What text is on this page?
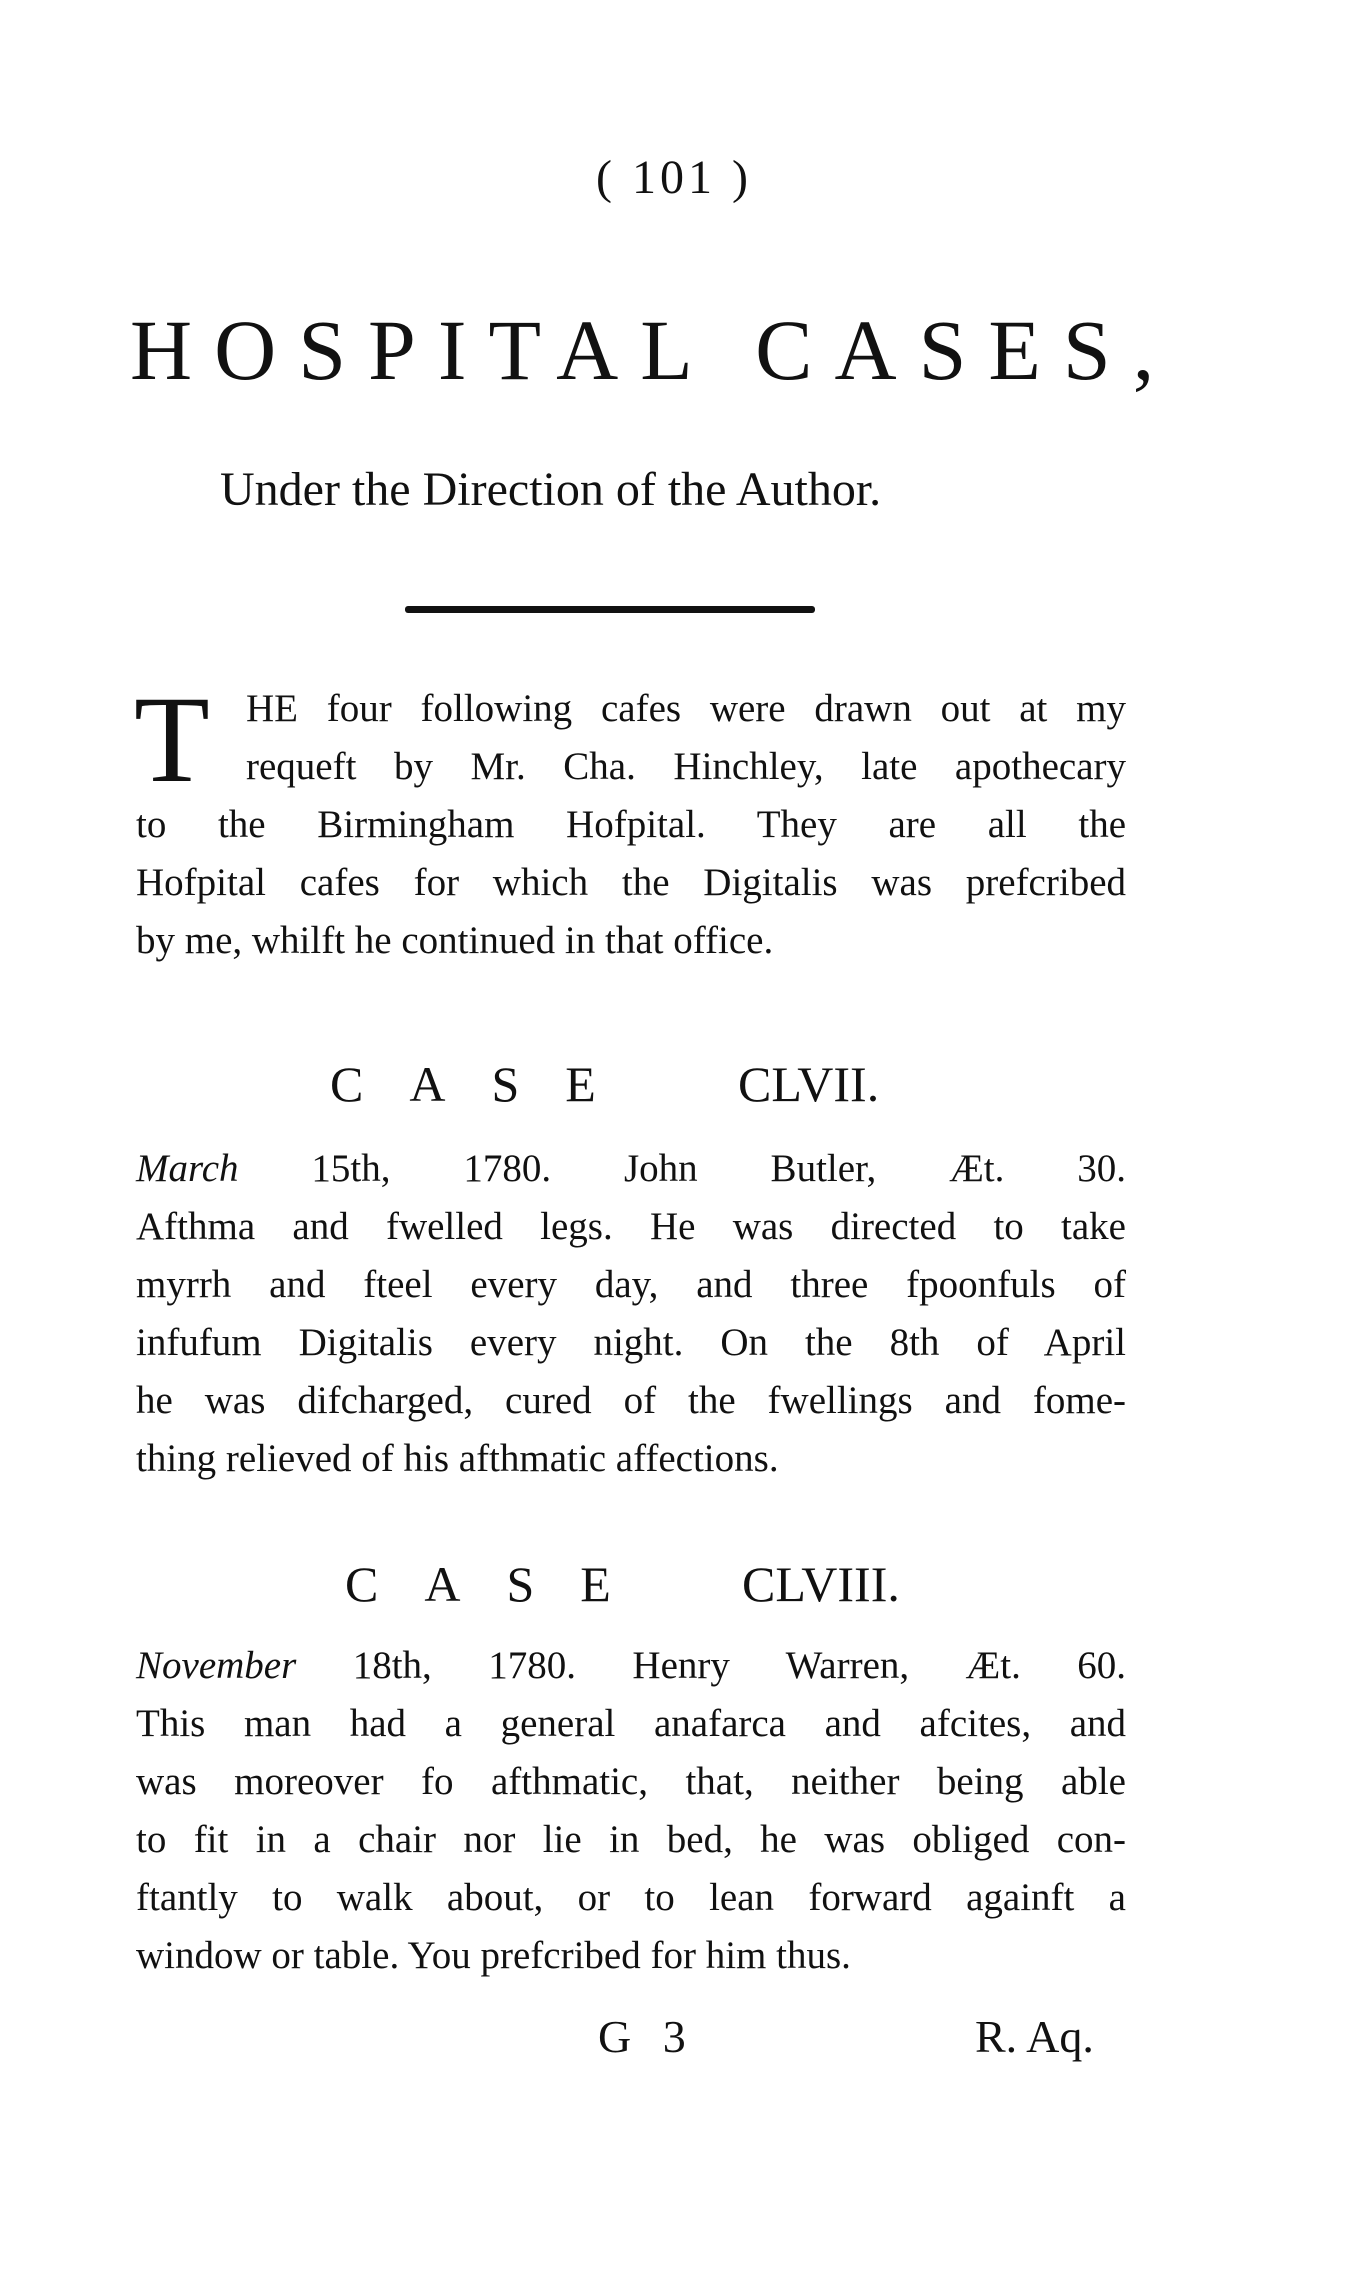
( 101 )
HOSPITAL CASES,
Under the Direction of the Author.
T HE four following cafes were drawn out at my
requeft by Mr. Cha. Hinchley, late apothecary
to the Birmingham Hofpital. They are all the
Hofpital cafes for which the Digitalis was prefcribed
by me, whilft he continued in that office.
CASE CLVII.
March 15th, 1780. John Butler, Æt. 30.
Afthma and fwelled legs. He was directed to take
myrrh and fteel every day, and three fpoonfuls of
infufum Digitalis every night. On the 8th of April
he was difcharged, cured of the fwellings and fome-
thing relieved of his afthmatic affections.
CASE CLVIII.
November 18th, 1780. Henry Warren, Æt. 60.
This man had a general anafarca and afcites, and
was moreover fo afthmatic, that, neither being able
to fit in a chair nor lie in bed, he was obliged con-
ftantly to walk about, or to lean forward againft a
window or table. You prefcribed for him thus.
G 3	R. Aq.
